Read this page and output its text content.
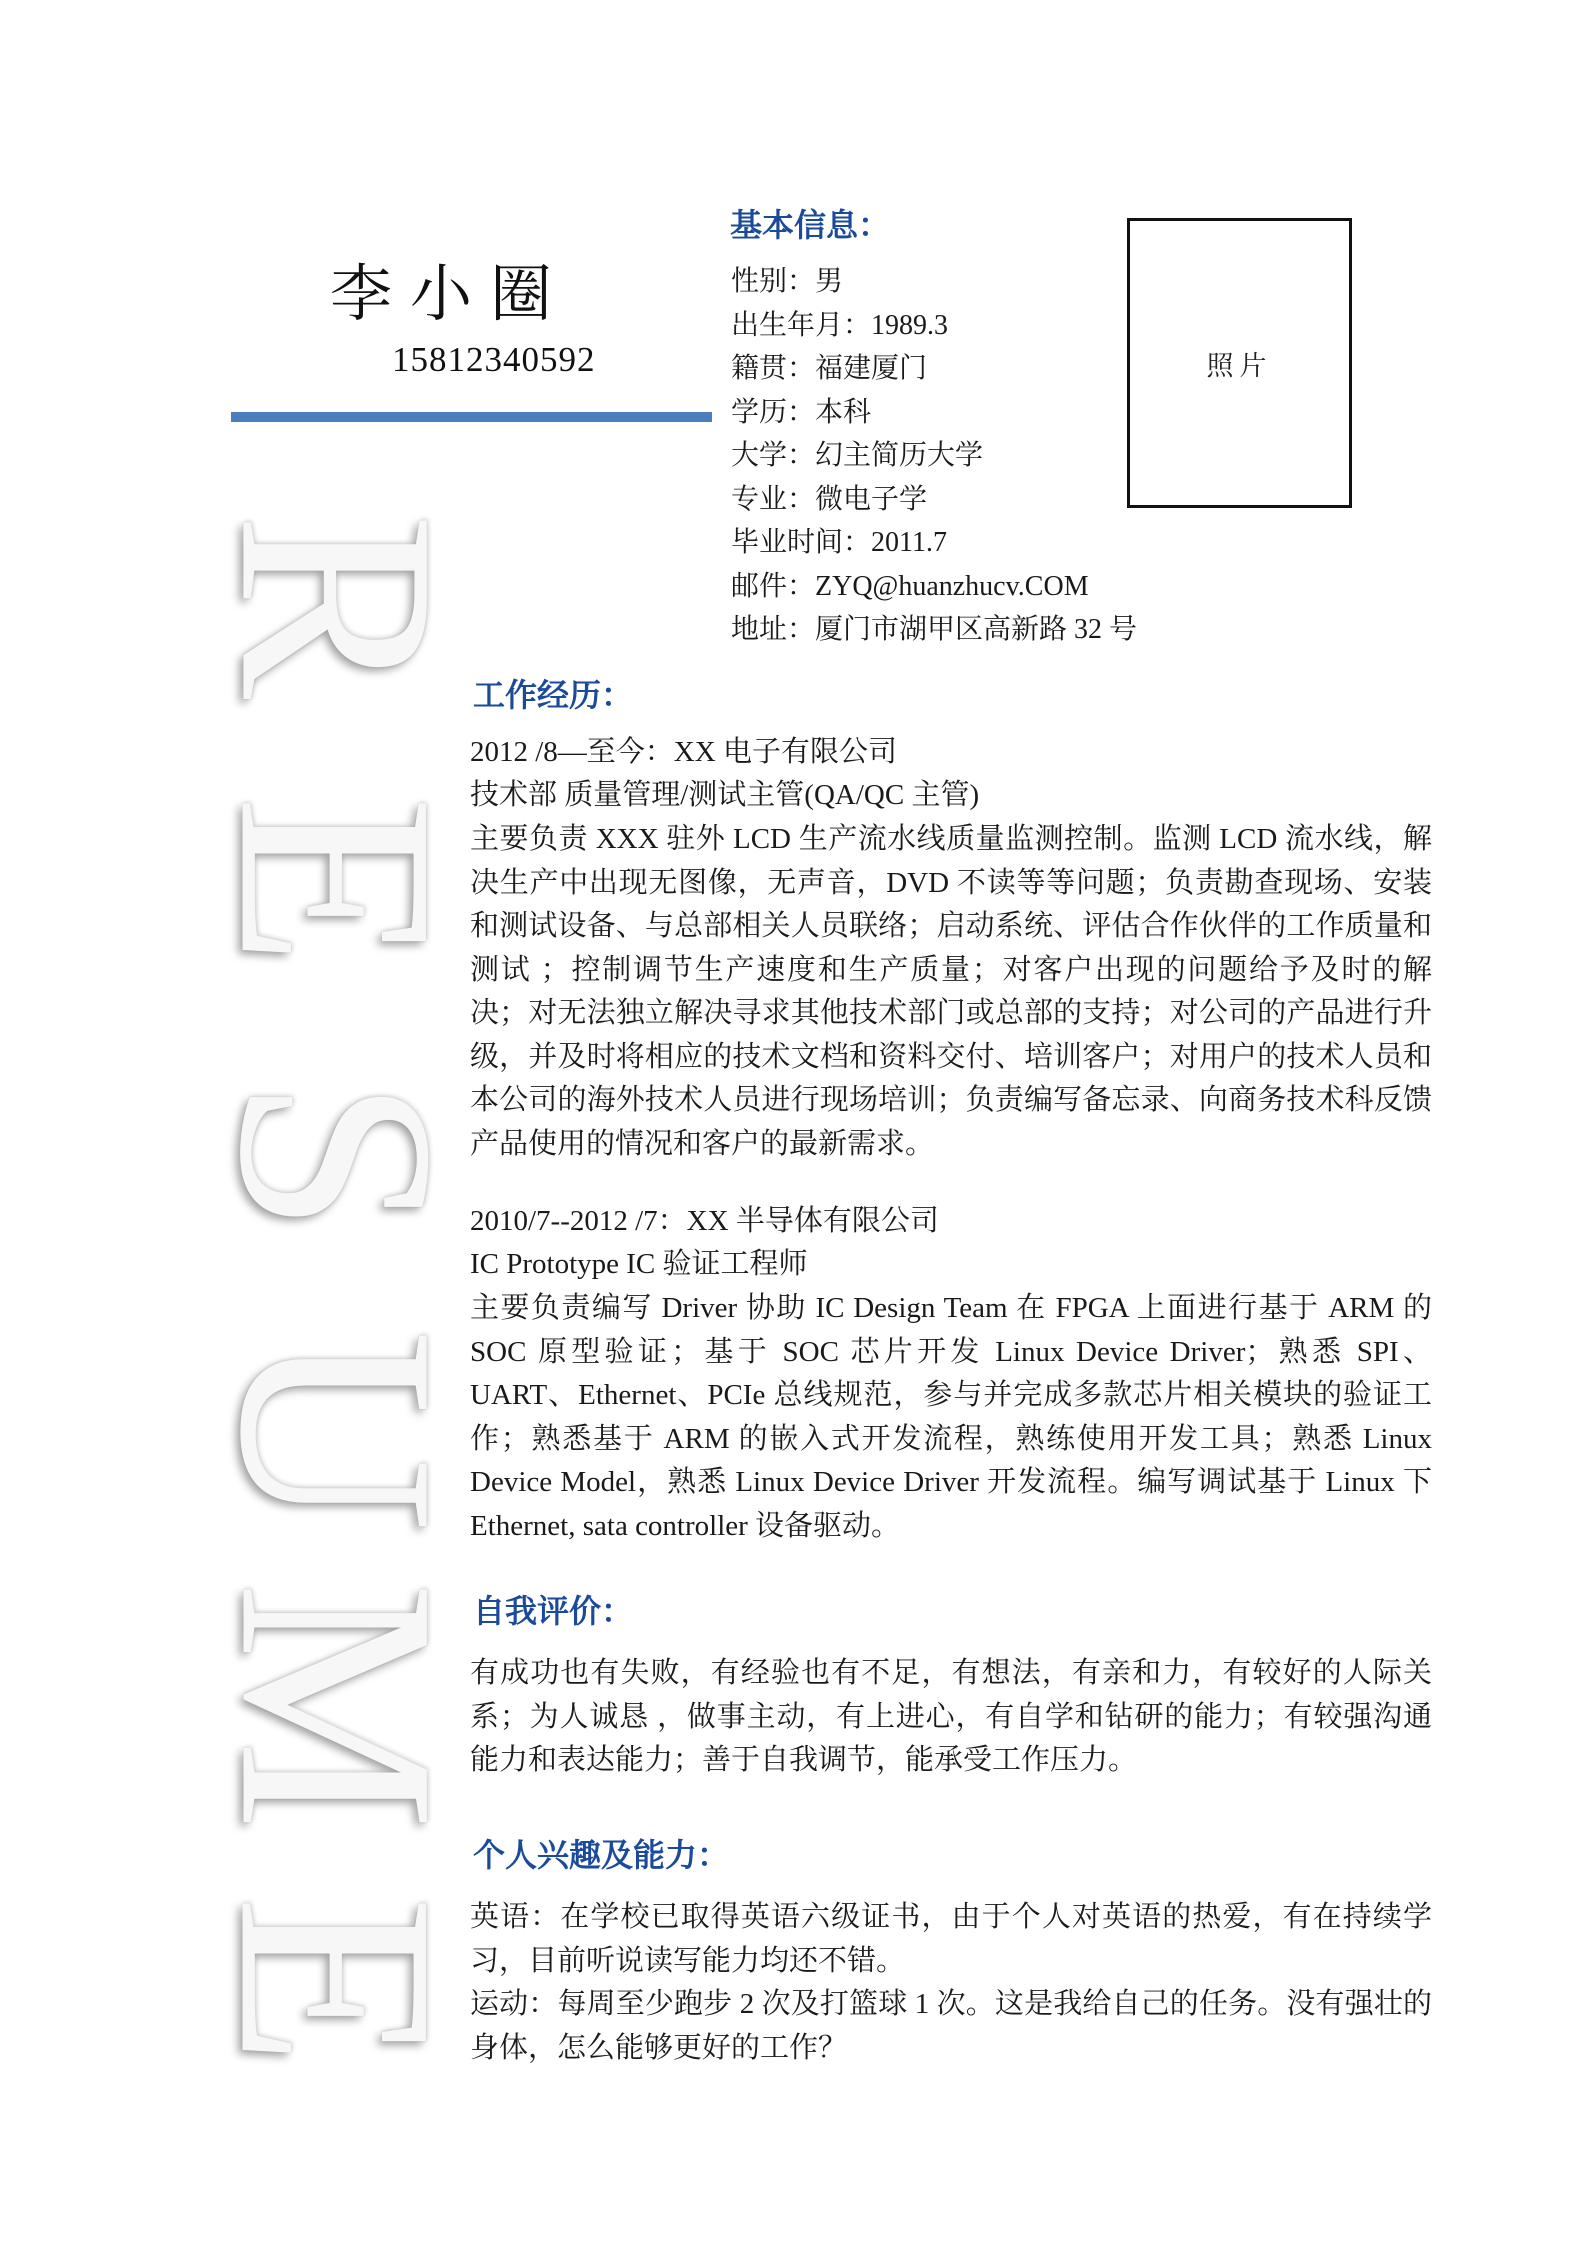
R
E
S
U
M
E
李小圈
15812340592	照片
基本信息：
性别：男
出生年月：1989.3
籍贯：福建厦门
学历：本科
大学：幻主简历大学
专业：微电子学
毕业时间：2011.7
邮件：ZYQ@huanzhucv.COM
地址：厦门市湖甲区高新路 32 号
工作经历：
2012 /8—至今：XX 电子有限公司
技术部 质量管理/测试主管(QA/QC 主管)
主要负责 XXX 驻外 LCD 生产流水线质量监测控制。监测 LCD 流水线，解决生产中出现无图像，无声音，DVD 不读等等问题；负责勘查现场、安装和测试设备、与总部相关人员联络；启动系统、评估合作伙伴的工作质量和测试 ；控制调节生产速度和生产质量；对客户出现的问题给予及时的解决；对无法独立解决寻求其他技术部门或总部的支持；对公司的产品进行升级，并及时将相应的技术文档和资料交付、培训客户；对用户的技术人员和本公司的海外技术人员进行现场培训；负责编写备忘录、向商务技术科反馈产品使用的情况和客户的最新需求。
2010/7--2012 /7：XX 半导体有限公司
IC Prototype IC 验证工程师
主要负责编写 Driver 协助 IC Design Team 在 FPGA 上面进行基于 ARM 的 SOC 原型验证；基于 SOC 芯片开发 Linux Device Driver；熟悉 SPI、UART、Ethernet、PCIe 总线规范，参与并完成多款芯片相关模块的验证工作；熟悉基于 ARM 的嵌入式开发流程，熟练使用开发工具；熟悉 Linux Device Model，熟悉 Linux Device Driver 开发流程。编写调试基于 Linux 下 Ethernet, sata controller 设备驱动。
自我评价：
有成功也有失败，有经验也有不足，有想法，有亲和力，有较好的人际关系；为人诚恳 ，做事主动，有上进心，有自学和钻研的能力；有较强沟通能力和表达能力；善于自我调节，能承受工作压力。
个人兴趣及能力：

英语：在学校已取得英语六级证书，由于个人对英语的热爱，有在持续学习，目前听说读写能力均还不错。

运动：每周至少跑步 2 次及打篮球 1 次。这是我给自己的任务。没有强壮的身体，怎么能够更好的工作？
